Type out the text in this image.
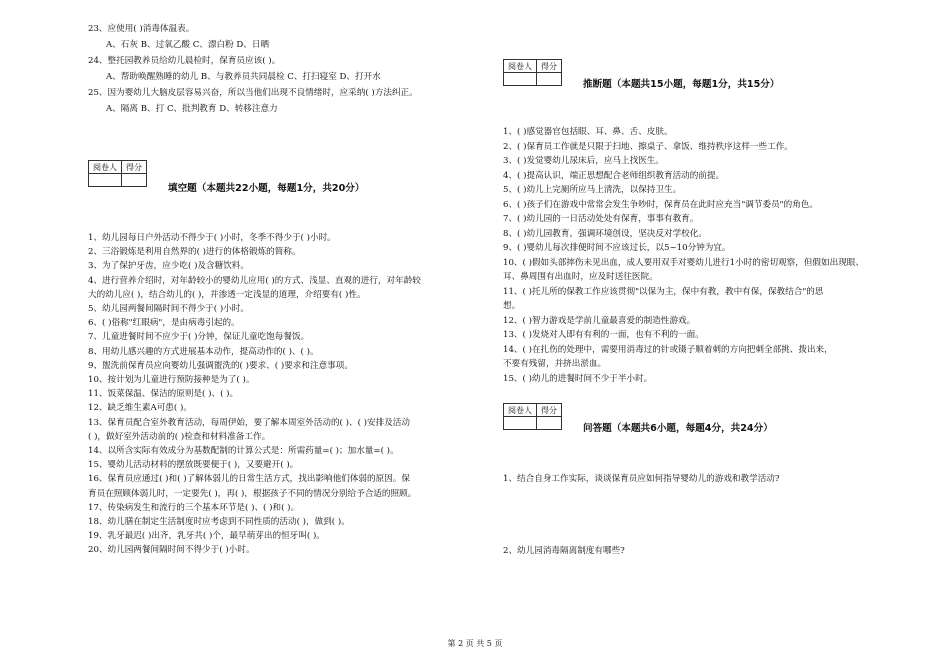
23、应使用( )消毒体温表。
A、石灰 B、过氧乙酸 C、漂白粉 D、日晒
24、整托园教养员给幼儿晨检时，保育员应该( )。
A、帮助唤醒熟睡的幼儿 B、与教养员共同晨检 C、打扫寝室 D、打开水
25、因为婴幼儿大脑皮层容易兴奋，所以当他们出现不良情绪时，应采纳( )方法纠正。
A、隔离 B、打 C、批判教育 D、转移注意力
阅卷人	得分

填空题（本题共22小题，每题1分，共20分）
1、幼儿园每日户外活动不得少于( )小时，冬季不得少于( )小时。
2、三浴锻炼是利用自然界的( )进行的体格锻炼的简称。
3、为了保护牙齿，应少吃( )及含糖饮料。
4、进行营养介绍时，对年龄较小的婴幼儿应用( )的方式、浅显、直观的进行，对年龄较
大的幼儿应( )，结合幼儿的( )，并渗透一定浅显的道理，介绍要有( )性。
5、幼儿园两餐间隔时间不得少于( )小时。
6、( )俗称"红眼病"，是由病毒引起的。
7、儿童进餐时间不应少于( )分钟，保证儿童吃饱每餐饭。
8、用幼儿感兴趣的方式进展基本动作，提高动作的( )、( )。
9、盥洗前保育员应向婴幼儿强调盥洗的( )要求、( )要求和注意事项。
10、按计划为儿童进行预防接种是为了( )。
11、饭菜保温、保洁的原则是( )、( )。
12、缺乏维生素A可患( )。
13、保育员配合室外教育活动，每周伊始，要了解本周室外活动的( )、( )安排及活动
( )，做好室外活动前的( )检查和材料准备工作。
14、以所含实际有效成分为基数配制的计算公式是：所需药量=( )；加水量=( )。
15、婴幼儿活动材料的摆放既要便于( )，又要避开( )。
16、保育员应通过( )和( )了解体弱儿的日常生活方式，找出影响他们体弱的原因。保
育员在照顾体弱儿时，一定要先( )，再( )，根据孩子不同的情况分别给予合适的照顾。
17、传染病发生和流行的三个基本环节是( )、( )和( )。
18、幼儿膳在制定生活制度时应考虑到不同性质的活动( )，做到( )。
19、乳牙最迟( )出齐，乳牙共( )个，最早萌芽出的恒牙叫( )。
20、幼儿园两餐间隔时间不得少于( )小时。
阅卷人	得分

推断题（本题共15小题，每题1分，共15分）
1、( )感觉器官包括眼、耳、鼻、舌、皮肤。
2、( )保育员工作就是只限于扫地、擦桌子、拿饭、维持秩序这样一些工作。
3、( )发觉婴幼儿尿床后，应马上找医生。
4、( )提高认识，端正思想配合老师组织教育活动的前提。
5、( )幼儿上完厕所应马上清洗，以保持卫生。
6、( )孩子们在游戏中常常会发生争吵时，保育员在此时应充当"调节委员"的角色。
7、( )幼儿园的一日活动处处有保育，事事有教育。
8、( )幼儿园教育，强调环境创设，坚决反对学校化。
9、( )婴幼儿每次排便时间不应该过长，以5~10分钟为宜。
10、( )假如头部摔伤未见出血，成人要用双手对婴幼儿进行1小时的密切观察，但假如出现眼、
耳、鼻周围有出血时，应及时送往医院。
11、( )托儿所的保教工作应该贯彻"以保为主，保中有教，教中有保，保教结合"的思
想。
12、( )智力游戏是学前儿童最喜爱的制造性游戏。
13、( )发烧对人即有有利的一面，也有不利的一面。
14、( )在扎伤的处理中，需要用消毒过的针或镊子顺着刺的方向把刺全部挑、拨出来，
不要有残留，并挤出淤血。
15、( )幼儿的进餐时间不少于半小时。
阅卷人	得分

问答题（本题共6小题，每题4分，共24分）
1、结合自身工作实际，谈谈保育员应如何指导婴幼儿的游戏和教学活动?
2、幼儿园消毒隔离制度有哪些?
第 2 页 共 5 页
